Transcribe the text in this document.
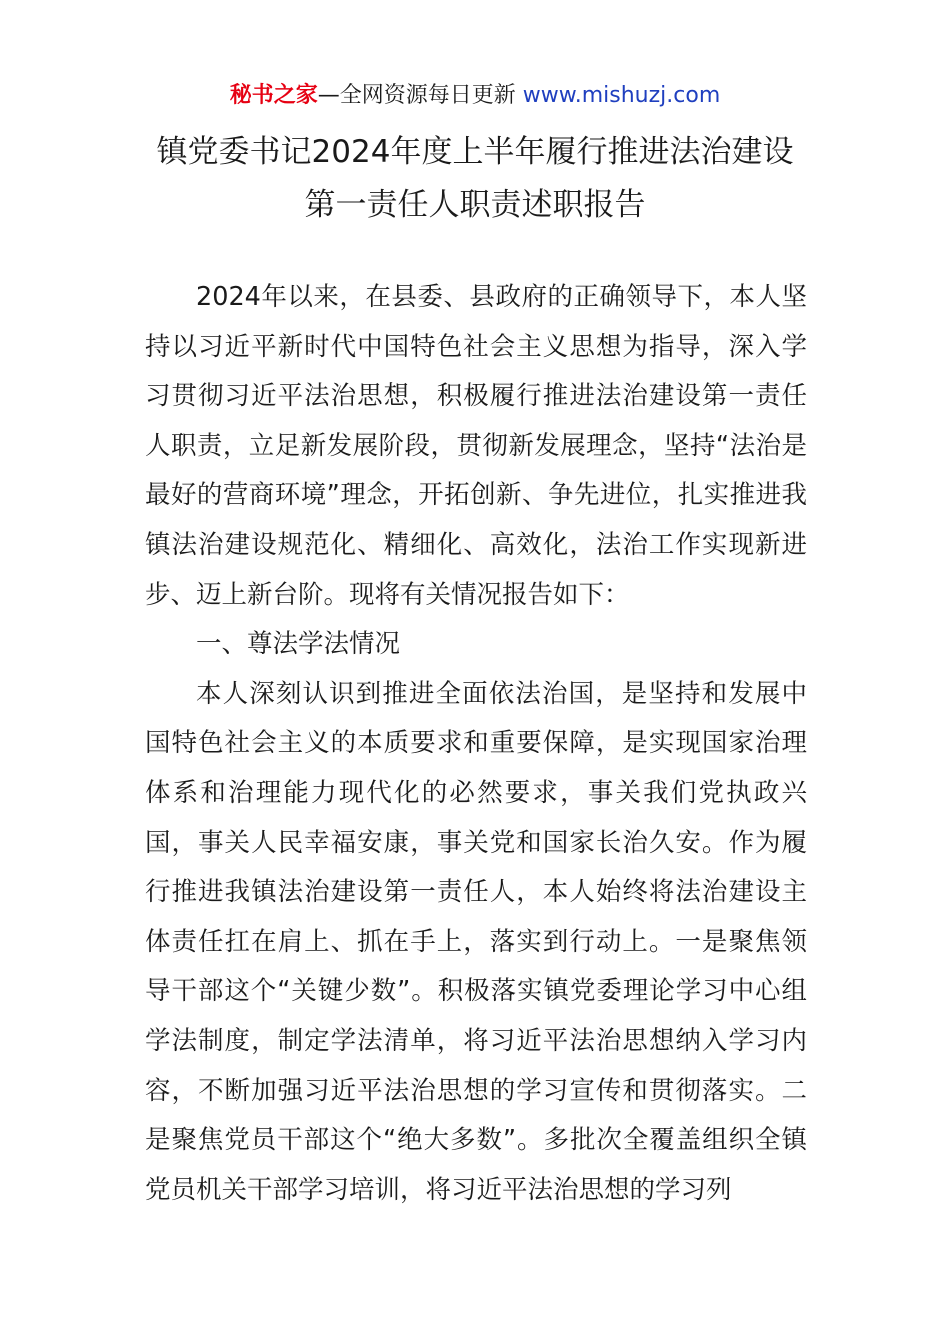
秘书之家—全网资源每日更新 www.mishuzj.com
镇党委书记2024年度上半年履行推进法治建设
第一责任人职责述职报告

2024年以来，在县委、县政府的正确领导下，本人坚持以习近平新时代中国特色社会主义思想为指导，深入学习贯彻习近平法治思想，积极履行推进法治建设第一责任人职责，立足新发展阶段，贯彻新发展理念，坚持“法治是最好的营商环境”理念，开拓创新、争先进位，扎实推进我镇法治建设规范化、精细化、高效化，法治工作实现新进步、迈上新台阶。现将有关情况报告如下：

一、尊法学法情况

本人深刻认识到推进全面依法治国，是坚持和发展中国特色社会主义的本质要求和重要保障，是实现国家治理体系和治理能力现代化的必然要求，事关我们党执政兴国，事关人民幸福安康，事关党和国家长治久安。作为履行推进我镇法治建设第一责任人，本人始终将法治建设主体责任扛在肩上、抓在手上，落实到行动上。一是聚焦领导干部这个“关键少数”。积极落实镇党委理论学习中心组学法制度，制定学法清单，将习近平法治思想纳入学习内容，不断加强习近平法治思想的学习宣传和贯彻落实。二是聚焦党员干部这个“绝大多数”。多批次全覆盖组织全镇党员机关干部学习培训，将习近平法治思想的学习列
